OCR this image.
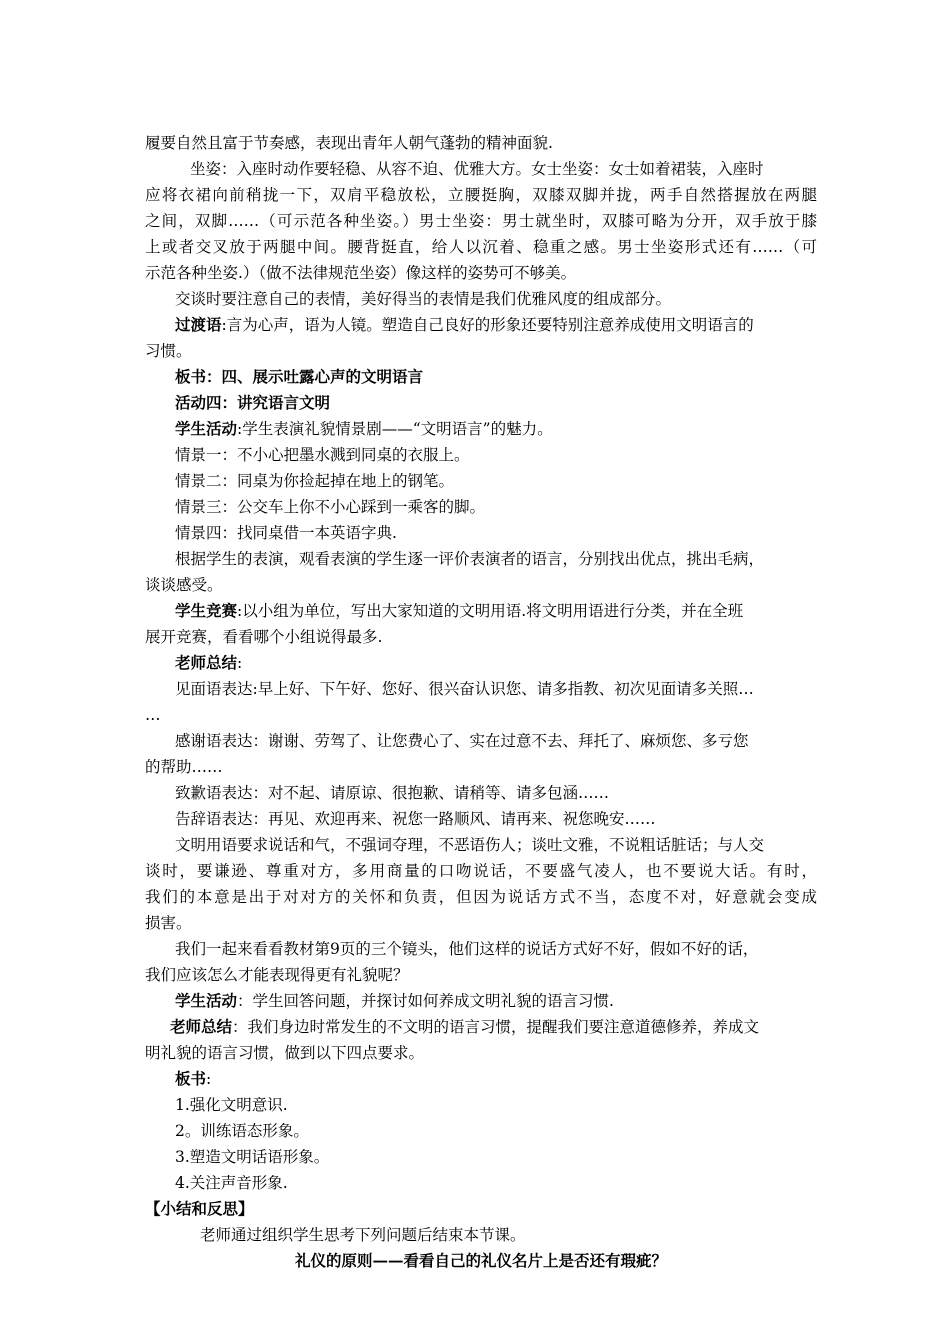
履要自然且富于节奏感，表现出青年人朝气蓬勃的精神面貌.
坐姿：入座时动作要轻稳、从容不迫、优雅大方。女士坐姿：女士如着裙装，入座时
应将衣裙向前稍拢一下，双肩平稳放松，立腰挺胸，双膝双脚并拢，两手自然搭握放在两腿
之间，双脚……（可示范各种坐姿。）男士坐姿：男士就坐时，双膝可略为分开，双手放于膝
上或者交叉放于两腿中间。腰背挺直，给人以沉着、稳重之感。男士坐姿形式还有……（可
示范各种坐姿.）（做不法律规范坐姿）像这样的姿势可不够美。
交谈时要注意自己的表情，美好得当的表情是我们优雅风度的组成部分。
过渡语:言为心声，语为人镜。塑造自己良好的形象还要特别注意养成使用文明语言的
习惯。
板书：四、展示吐露心声的文明语言
活动四：讲究语言文明
学生活动:学生表演礼貌情景剧——“文明语言”的魅力。
情景一：不小心把墨水溅到同桌的衣服上。
情景二：同桌为你捡起掉在地上的钢笔。
情景三：公交车上你不小心踩到一乘客的脚。
情景四：找同桌借一本英语字典.
根据学生的表演，观看表演的学生逐一评价表演者的语言，分别找出优点，挑出毛病，
谈谈感受。
学生竞赛:以小组为单位，写出大家知道的文明用语.将文明用语进行分类，并在全班
展开竞赛，看看哪个小组说得最多.
老师总结:
见面语表达:早上好、下午好、您好、很兴奋认识您、请多指教、初次见面请多关照…
…
感谢语表达：谢谢、劳驾了、让您费心了、实在过意不去、拜托了、麻烦您、多亏您
的帮助……
致歉语表达：对不起、请原谅、很抱歉、请稍等、请多包涵……
告辞语表达：再见、欢迎再来、祝您一路顺风、请再来、祝您晚安……
文明用语要求说话和气，不强词夺理，不恶语伤人；谈吐文雅，不说粗话脏话；与人交
谈时，要谦逊、尊重对方，多用商量的口吻说话，不要盛气凌人，也不要说大话。有时，
我们的本意是出于对对方的关怀和负责，但因为说话方式不当，态度不对，好意就会变成
损害。
我们一起来看看教材第9页的三个镜头，他们这样的说话方式好不好，假如不好的话，
我们应该怎么才能表现得更有礼貌呢？
学生活动：学生回答问题，并探讨如何养成文明礼貌的语言习惯.
老师总结：我们身边时常发生的不文明的语言习惯，提醒我们要注意道德修养，养成文
明礼貌的语言习惯，做到以下四点要求。
板书:
1.强化文明意识.
2。训练语态形象。
3.塑造文明话语形象。
4.关注声音形象.
【小结和反思】
老师通过组织学生思考下列问题后结束本节课。
礼仪的原则——看看自己的礼仪名片上是否还有瑕疵？
